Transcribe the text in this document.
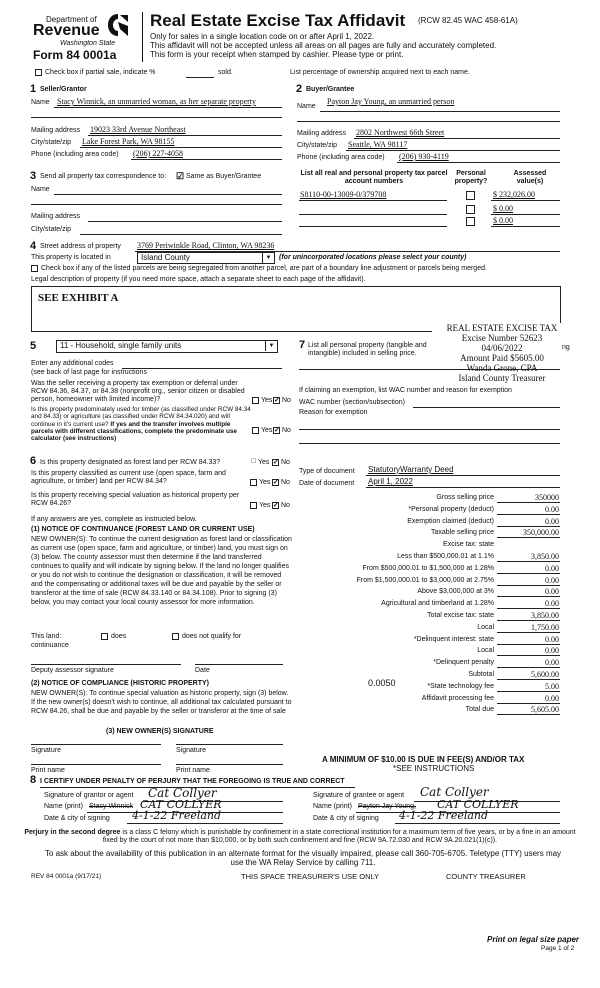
Department of
Revenue
Washington State
Form 84 0001a
Real Estate Excise Tax Affidavit (RCW 82.45 WAC 458-61A)
Only for sales in a single location code on or after April 1, 2022.
This affidavit will not be accepted unless all areas on all pages are fully and accurately completed.
This form is your receipt when stamped by cashier. Please type or print.
Check box if partial sale, indicate %	sold.	List percentage of ownership acquired next to each name.
1 Seller/Grantor
Name Stacy Winnick, an unmarried woman, as her separate property
Mailing address 19023 33rd Avenue Northeast
City/state/zip Lake Forest Park, WA 98155
Phone (including area code) (206) 227-4058
2 Buyer/Grantee
Payton Jay Young, an unmarried person
Name
Mailing address 2802 Northwest 66th Street
City/state/zip Seattle, WA 98117
Phone (including area code) (206) 930-4119
3 Send all property tax correspondence to: ☑ Same as Buyer/Grantee
Name
Mailing address
City/state/zip
List all real and personal property tax parcel account numbers
Personal property?
Assessed value(s)
S8110-00-13009-0/379708	$ 232,026.00
$ 0.00
$ 0.00
4 Street address of property 3769 Periwinkle Road, Clinton, WA 98236
This property is located in	Island County	▼	(for unincorporated locations please select your county)
Check box if any of the listed parcels are being segregated from another parcel, are part of a boundary line adjustment or parcels being merged.
Legal description of property (if you need more space, attach a separate sheet to each page of the affidavit).
SEE EXHIBIT A
REAL ESTATE EXCISE TAX
Excise Number 52623
04/06/2022
Amount Paid $5605.00
Wanda Grone, CPA
Island County Treasurer
ng
5	11 - Household, single family units	▼
Enter any additional codes
(see back of last page for instructions
Was the seller receiving a property tax exemption or deferral under RCW 84.36, 84.37, or 84.38 (nonprofit org., senior citizen or disabled person, homeowner with limited income)?	Yes ✓ No
Is this property predominately used for timber (as classified under RCW 84.34 and 84.33) or agriculture (as classified under RCW 84.34.020) and will continue in it's current use? If yes and the transfer involves multiple parcels with different classifications, complete the predominate use calculator (see instructions)
Yes ✓ No
7 List all personal property (tangible and intangible) included in selling price.
If claiming an exemption, list WAC number and reason for exemption
WAC number (section/subsection)
Reason for exemption
6 Is this property designated as forest land per RCW 84.33?	□ Yes ✓ No
Is this property classified as current use (open space, farm and agriculture, or timber) land per RCW 84.34?	Yes ✓ No
Is this property receiving special valuation as historical property per RCW 84.26?	Yes ✓ No
If any answers are yes, complete as instructed below.
(1) NOTICE OF CONTINUANCE (FOREST LAND OR CURRENT USE)
NEW OWNER(S): To continue the current designation as forest land or classification as current use (open space, farm and agriculture, or timber) land, you must sign on (3) below. The county assessor must then determine if the land transferred continues to qualify and will indicate by signing below. If the land no longer qualifies or you do not wish to continue the designation or classification, it will be removed and the compensating or additional taxes will be due and payable by the seller or transferor at the time of sale (RCW 84.33.140 or 84.34.108). Prior to signing (3) below, you may contact your local county assessor for more information.
This land:	does	does not qualify for
continuance
Deputy assessor signature	Date
(2) NOTICE OF COMPLIANCE (HISTORIC PROPERTY)
NEW OWNER(S): To continue special valuation as historic property, sign (3) below. If the new owner(s) doesn't wish to continue, all additional tax calculated pursuant to RCW 84.26, shall be due and payable by the seller or transferor at the time of sale
(3) NEW OWNER(S) SIGNATURE
Signature	Signature
Print name	Print name
Type of document StatutoryWarranty Deed
Date of document April 1, 2022
Gross selling price	350000
*Personal property (deduct)	0.00
Exemption claimed (deduct)	0.00
Taxable selling price	350,000.00
Excise tax: state
Less than $500,000.01 at 1.1%	3,850.00
From $500,000.01 to $1,500,000 at 1.28%	0.00
From $1,500,000.01 to $3,000,000 at 2.75%	0.00
Above $3,000,000 at 3%	0.00
Agricultural and timberland at 1.28%	0.00
Total excise tax: state	3,850.00
Local	1,750.00
*Delinquent interest: state	0.00
Local	0.00
*Delinquent penalty	0.00
Subtotal	5,600.00
*State technology fee	5.00
Affidavit processing fee	0.00
Total due	5,605.00
0.0050
A MINIMUM OF $10.00 IS DUE IN FEE(S) AND/OR TAX
*SEE INSTRUCTIONS
8 I CERTIFY UNDER PENALTY OF PERJURY THAT THE FOREGOING IS TRUE AND CORRECT
Signature of grantor or agent Cat Collyer
Name (print) Stacy Winnick CAT COLLYER
Date & city of signing 4-1-22 Freeland
Signature of grantee or agent Cat Collyer
Name (print) Payton Jay Young, CAT COLLYER
Date & city of signing 4-1-22 Freeland
Perjury in the second degree is a class C felony which is punishable by confinement in a state correctional institution for a maximum term of five years, or by a fine in an amount fixed by the court of not more than $10,000, or by both such confinement and fine (RCW 9A.72.030 and RCW 9A.20.021(1)(c)).
To ask about the availability of this publication in an alternate format for the visually impaired, please call 360-705-6705. Teletype (TTY) users may use the WA Relay Service by calling 711.
REV 84 0001a (9/17/21)	THIS SPACE TREASURER'S USE ONLY	COUNTY TREASURER
Print on legal size paper
Page 1 of 2
